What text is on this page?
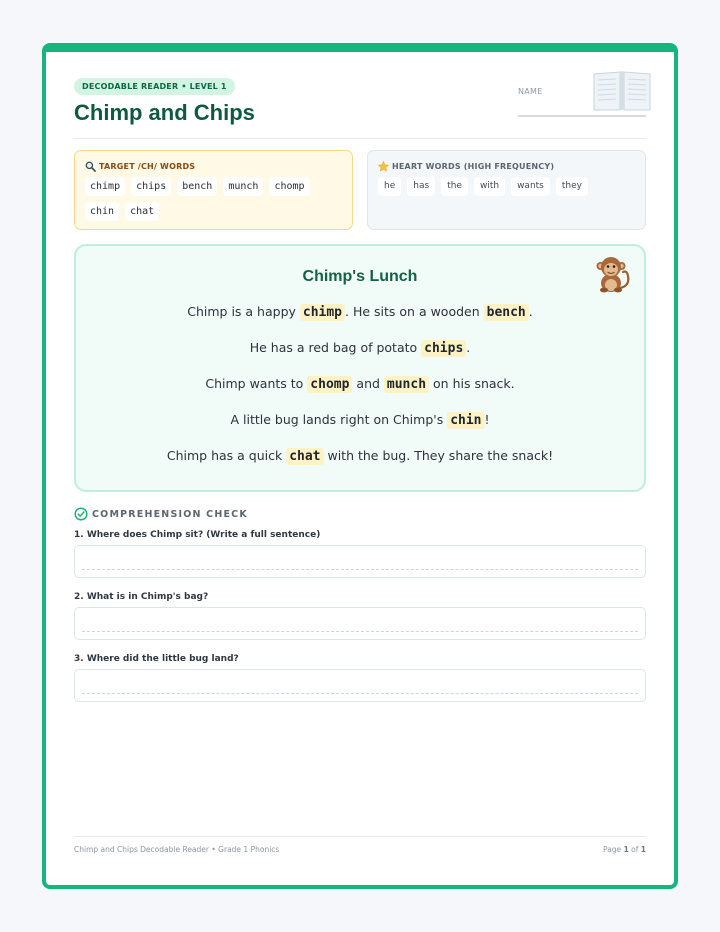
DECODABLE READER • LEVEL 1
Chimp and Chips
NAME
TARGET /CH/ WORDS
chimp	chips	bench	munch	chomp
chin	chat
HEART WORDS (HIGH FREQUENCY)
he	has	the	with	wants	they
Chimp's Lunch
Chimp is a happy chimp . He sits on a wooden bench .
He has a red bag of potato chips .
Chimp wants to chomp and munch on his snack.
A little bug lands right on Chimp's chin !
Chimp has a quick chat with the bug. They share the snack!
COMPREHENSION CHECK
1. Where does Chimp sit? (Write a full sentence)
2. What is in Chimp's bag?
3. Where did the little bug land?
Chimp and Chips Decodable Reader • Grade 1 Phonics	Page 1 of 1
